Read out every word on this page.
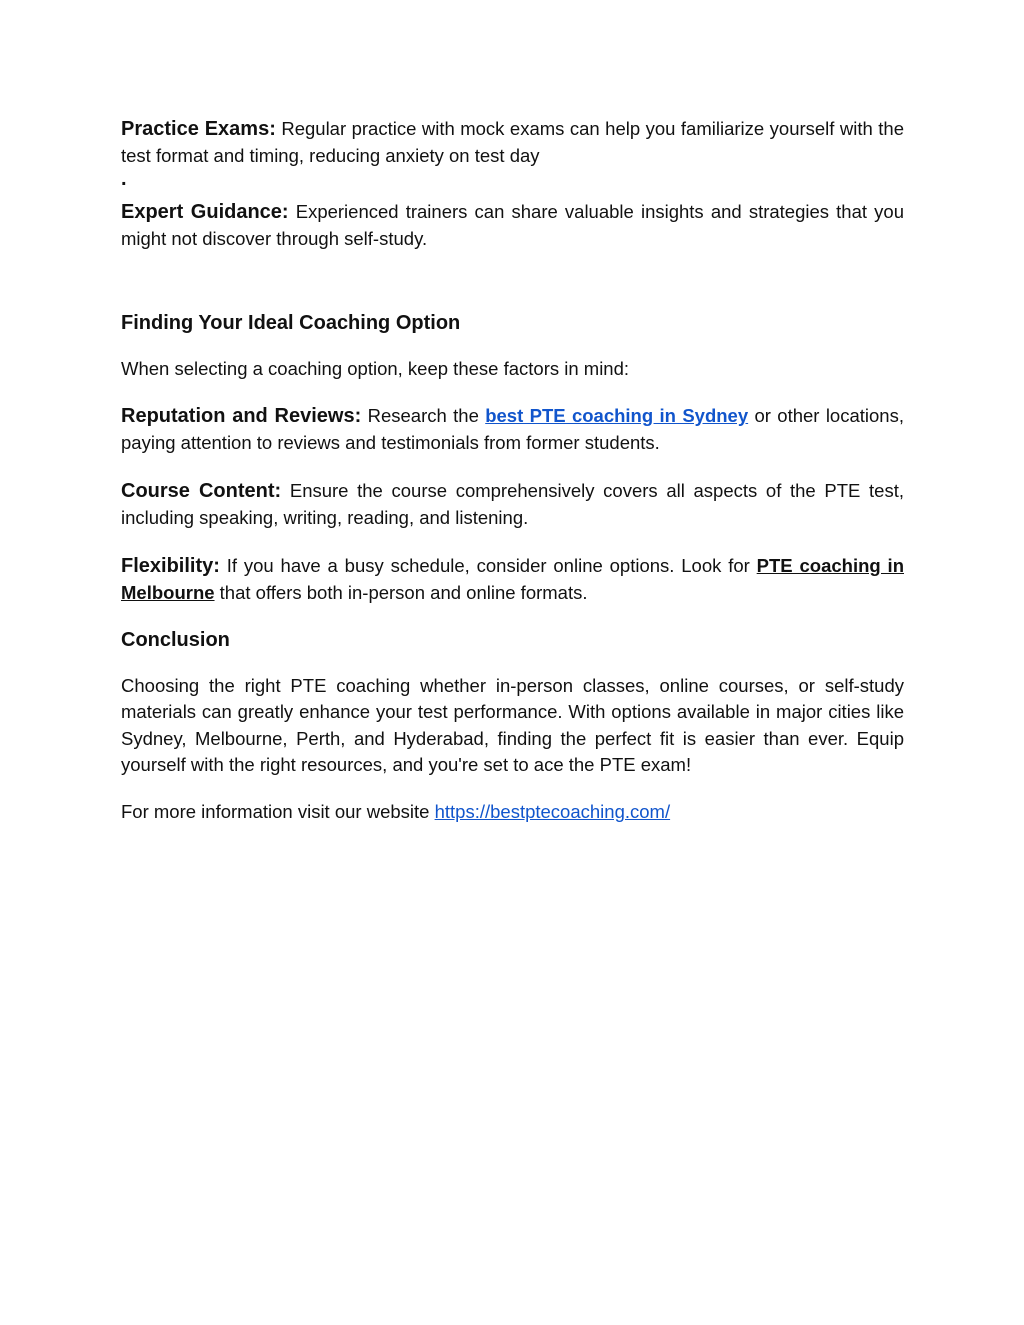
Practice Exams: Regular practice with mock exams can help you familiarize yourself with the test format and timing, reducing anxiety on test day

.

Expert Guidance: Experienced trainers can share valuable insights and strategies that you might not discover through self-study.

Finding Your Ideal Coaching Option

When selecting a coaching option, keep these factors in mind:

Reputation and Reviews: Research the best PTE coaching in Sydney or other locations, paying attention to reviews and testimonials from former students.

Course Content: Ensure the course comprehensively covers all aspects of the PTE test, including speaking, writing, reading, and listening.

Flexibility: If you have a busy schedule, consider online options. Look for PTE coaching in Melbourne that offers both in-person and online formats.

Conclusion

Choosing the right PTE coaching whether in-person classes, online courses, or self-study materials can greatly enhance your test performance. With options available in major cities like Sydney, Melbourne, Perth, and Hyderabad, finding the perfect fit is easier than ever. Equip yourself with the right resources, and you're set to ace the PTE exam!

For more information visit our website https://bestptecoaching.com/
